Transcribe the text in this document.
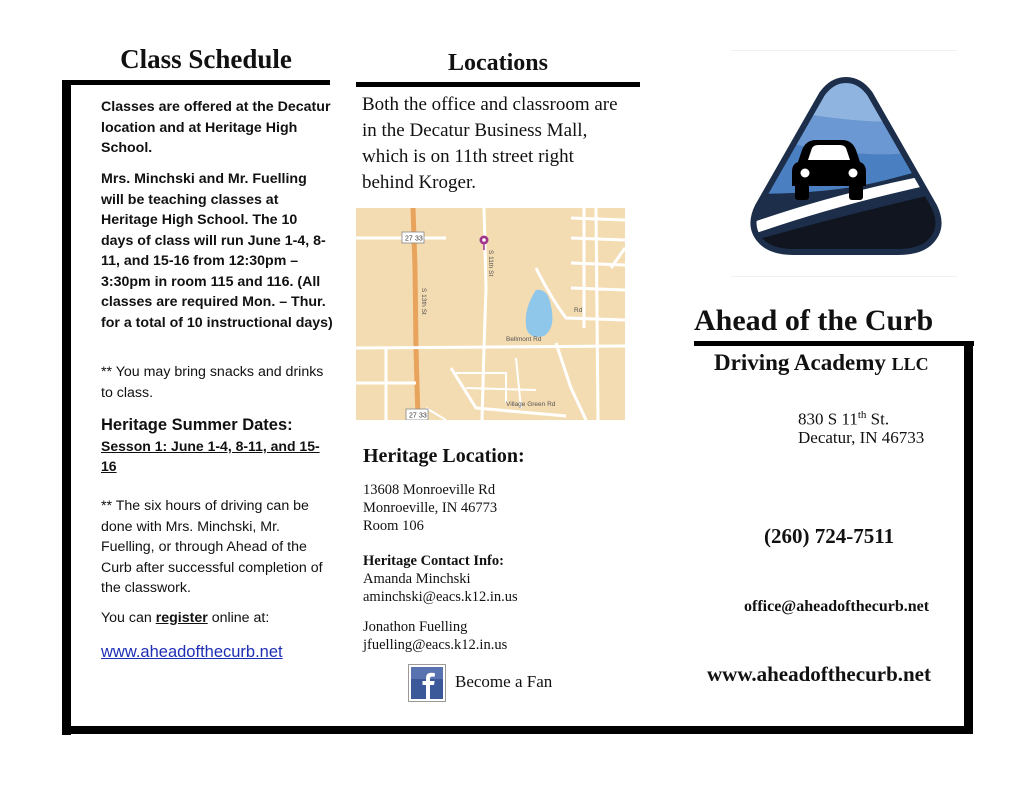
Class Schedule
Classes are offered at the Decatur location and at Heritage High School.
Mrs. Minchski and Mr. Fuelling will be teaching classes at Heritage High School. The 10 days of class will run June 1-4, 8-11, and 15-16 from 12:30pm – 3:30pm in room 115 and 116. (All classes are required Mon. – Thur. for a total of 10 instructional days)
** You may bring snacks and drinks to class.
Heritage Summer Dates:
Sesson 1: June 1-4, 8-11, and 15-16
** The six hours of driving can be done with Mrs. Minchski, Mr. Fuelling, or through Ahead of the Curb after successful completion of the classwork.
You can register online at:
www.aheadofthecurb.net
Locations
Both the office and classroom are in the Decatur Business Mall, which is on 11th street right behind Kroger.
27 33
27 33
S 13th St
S 11th St
Bellmont Rd
Village Green Rd
Rd
Heritage Location:
13608 Monroeville Rd
Monroeville, IN 46773
Room 106
Heritage Contact Info:
Amanda Minchski
aminchski@eacs.k12.in.us
Jonathon Fuelling
jfuelling@eacs.k12.in.us
Become a Fan
Ahead of the Curb
Driving Academy LLC
830 S 11th St.
Decatur, IN 46733
(260) 724-7511
office@aheadofthecurb.net
www.aheadofthecurb.net
